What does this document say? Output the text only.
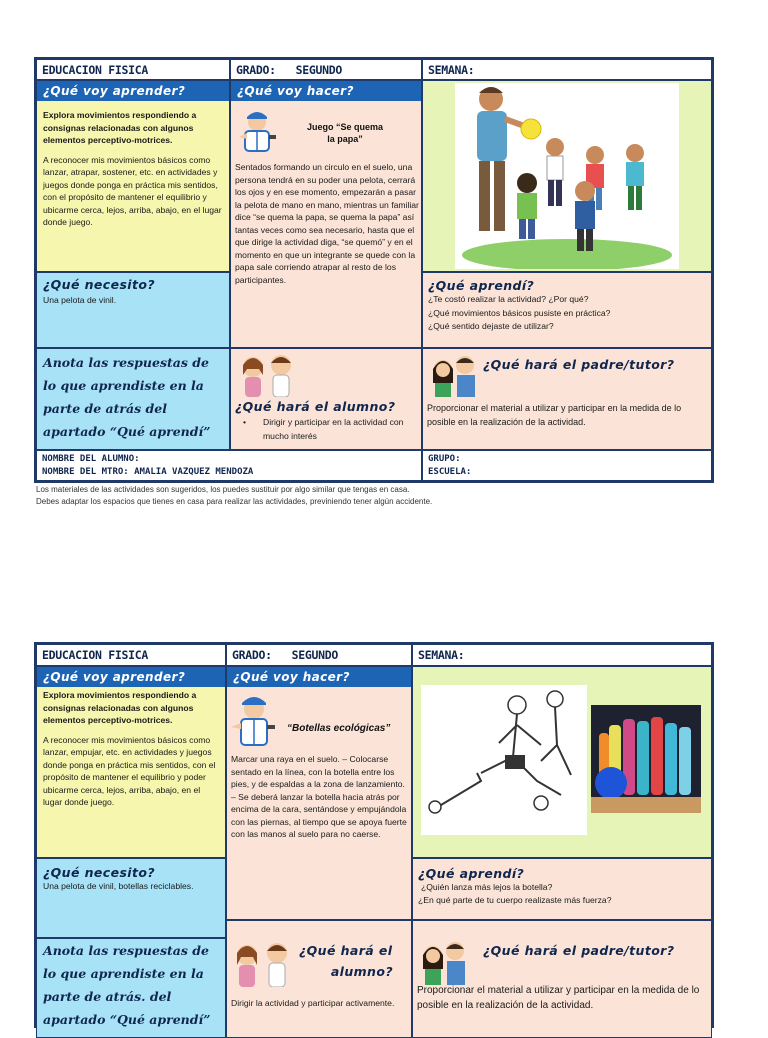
EDUCACION FISICA	GRADO: SEGUNDO	SEMANA:
¿Qué voy aprender?
Explora movimientos respondiendo a consignas relacionadas con algunos elementos perceptivo-motrices.
A reconocer mis movimientos básicos como lanzar, atrapar, sostener, etc. en actividades y juegos donde ponga en práctica mis sentidos, con el propósito de mantener el equilibrio y ubicarme cerca, lejos, arriba, abajo, en el lugar donde juego.
¿Qué voy hacer?
Juego “Se quema la papa”
Sentados formando un circulo en el suelo, una persona tendrá en su poder una pelota, cerrará los ojos y en ese momento, empezarán a pasar la pelota de mano en mano, mientras un familiar dice “se quema la papa, se quema la papa” así tantas veces como sea necesario, hasta que el que dirige la actividad diga, “se quemó” y en el momento en que un integrante se quede con la papa sale corriendo atrapar al resto de los participantes.
¿Qué necesito?
Una pelota de vinil.
¿Qué aprendí?
¿Te costó realizar la actividad? ¿Por qué?
¿Qué movimientos básicos pusiste en práctica?
¿Qué sentido dejaste de utilizar?
Anota las respuestas de lo que aprendiste en la parte de atrás del apartado “Qué aprendí”
¿Qué hará el alumno?
•	Dirigir y participar en la actividad con mucho interés
¿Qué hará el padre/tutor?
Proporcionar el material a utilizar y participar en la medida de lo posible en la realización de la actividad.
NOMBRE DEL ALUMNO:
NOMBRE DEL MTRO: AMALIA VAZQUEZ MENDOZA
GRUPO:
ESCUELA:
Los materiales de las actividades son sugeridos, los puedes sustituir por algo similar que tengas en casa.
Debes adaptar los espacios que tienes en casa para realizar las actividades, previniendo tener algún accidente.
EDUCACION FISICA	GRADO: SEGUNDO	SEMANA:
¿Qué voy aprender?
Explora movimientos respondiendo a consignas relacionadas con algunos elementos perceptivo-motrices.
A reconocer mis movimientos básicos como lanzar, empujar, etc. en actividades y juegos donde ponga en práctica mis sentidos, con el propósito de mantener el equilibrio y poder ubicarme cerca, lejos, arriba, abajo, en el lugar donde juego.
¿Qué voy hacer?
“Botellas ecológicas”
Marcar una raya en el suelo. – Colocarse sentado en la línea, con la botella entre los pies, y de espaldas a la zona de lanzamiento. – Se deberá lanzar la botella hacia atrás por encima de la cara, sentándose y empujándola con las piernas, al tiempo que se apoya fuerte con las manos al suelo para no caerse.
¿Qué necesito?
Una pelota de vinil, botellas reciclables.
¿Qué aprendí?
¿Quién lanza más lejos la botella?
¿En qué parte de tu cuerpo realizaste más fuerza?
Anota las respuestas de lo que aprendiste en la parte de atrás. del apartado “Qué aprendí”
¿Qué hará el
alumno?
Dirigir la actividad y participar activamente.
¿Qué hará el padre/tutor?
Proporcionar el material a utilizar y participar en la medida de lo posible en la realización de la actividad.
